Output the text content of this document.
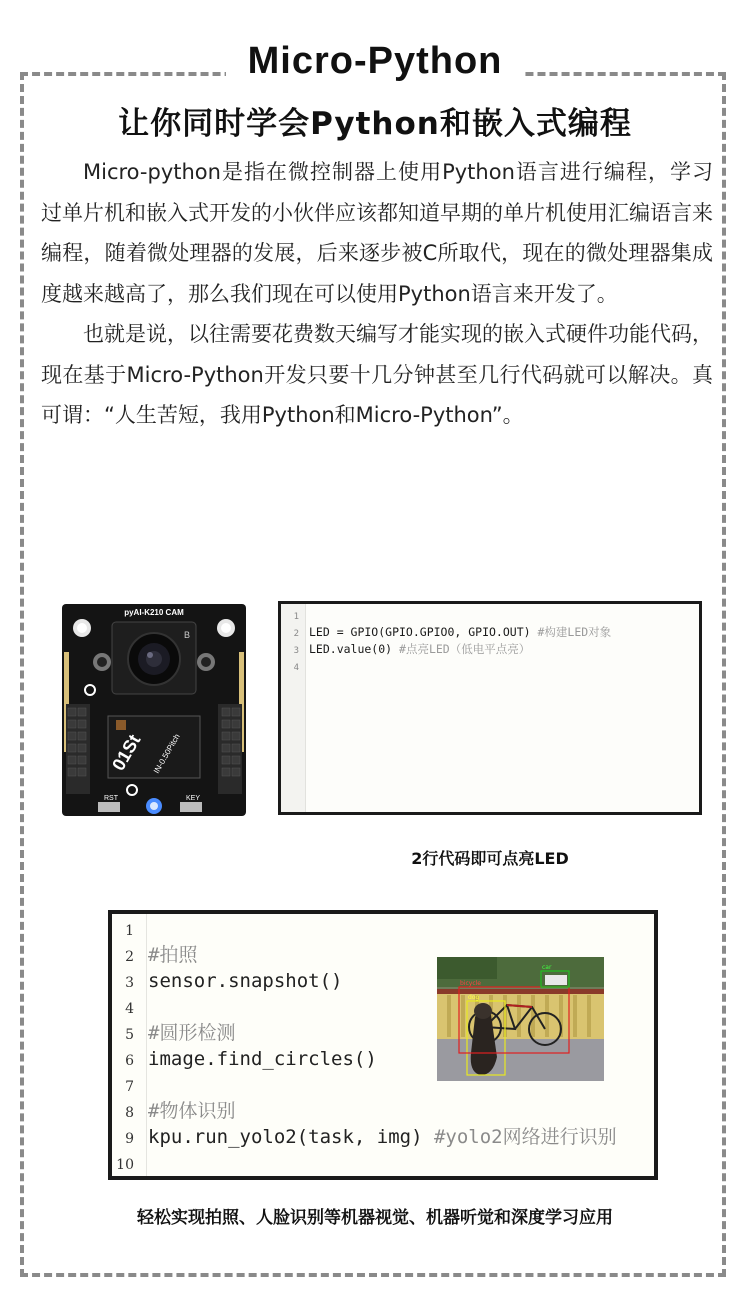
Micro-Python
让你同时学会Python和嵌入式编程

Micro-python是指在微控制器上使用Python语言进行编程，学习过单片机和嵌入式开发的小伙伴应该都知道早期的单片机使用汇编语言来编程，随着微处理器的发展，后来逐步被C所取代，现在的微处理器集成度越来越高了，那么我们现在可以使用Python语言来开发了。

也就是说，以往需要花费数天编写才能实现的嵌入式硬件功能代码，现在基于Micro-Python开发只要十几分钟甚至几行代码就可以解决。真可谓：“人生苦短，我用Python和Micro-Python”。

pyAI-K210 CAM
B
01St IN-0.50Pitch
RST	KEY
1
2 LED = GPIO(GPIO.GPIO0, GPIO.OUT) #构建LED对象
3 LED.value(0) #点亮LED（低电平点亮）
4
2行代码即可点亮LED
1
2 #拍照
3 sensor.snapshot()
4
5 #圆形检测
6 image.find_circles()
7
8 #物体识别
9 kpu.run_yolo2(task, img) #yolo2网络进行识别
10
dog
bicycle
car
轻松实现拍照、人脸识别等机器视觉、机器听觉和深度学习应用
